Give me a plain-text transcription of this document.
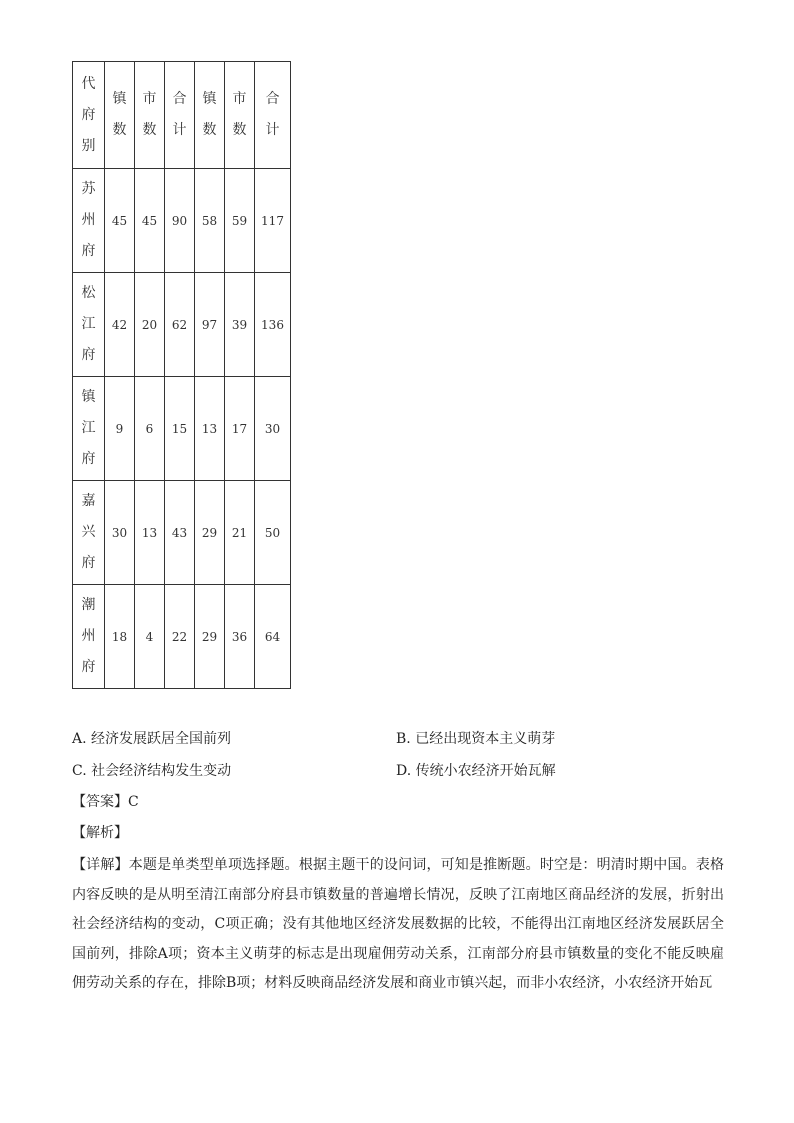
代府别	镇数	市数	合计	镇数	市数	合计
苏州府	45	45	90	58	59	117
松江府	42	20	62	97	39	136
镇江府	9	6	15	13	17	30
嘉兴府	30	13	43	29	21	50
潮州府	18	4	22	29	36	64
A. 经济发展跃居全国前列	B. 已经出现资本主义萌芽
C. 社会经济结构发生变动	D. 传统小农经济开始瓦解
【答案】C
【解析】
【详解】本题是单类型单项选择题。根据主题干的设问词，可知是推断题。时空是：明清时期中国。表格内容反映的是从明至清江南部分府县市镇数量的普遍增长情况，反映了江南地区商品经济的发展，折射出社会经济结构的变动，C项正确；没有其他地区经济发展数据的比较，不能得出江南地区经济发展跃居全国前列，排除A项；资本主义萌芽的标志是出现雇佣劳动关系，江南部分府县市镇数量的变化不能反映雇佣劳动关系的存在，排除B项；材料反映商品经济发展和商业市镇兴起，而非小农经济，小农经济开始瓦
